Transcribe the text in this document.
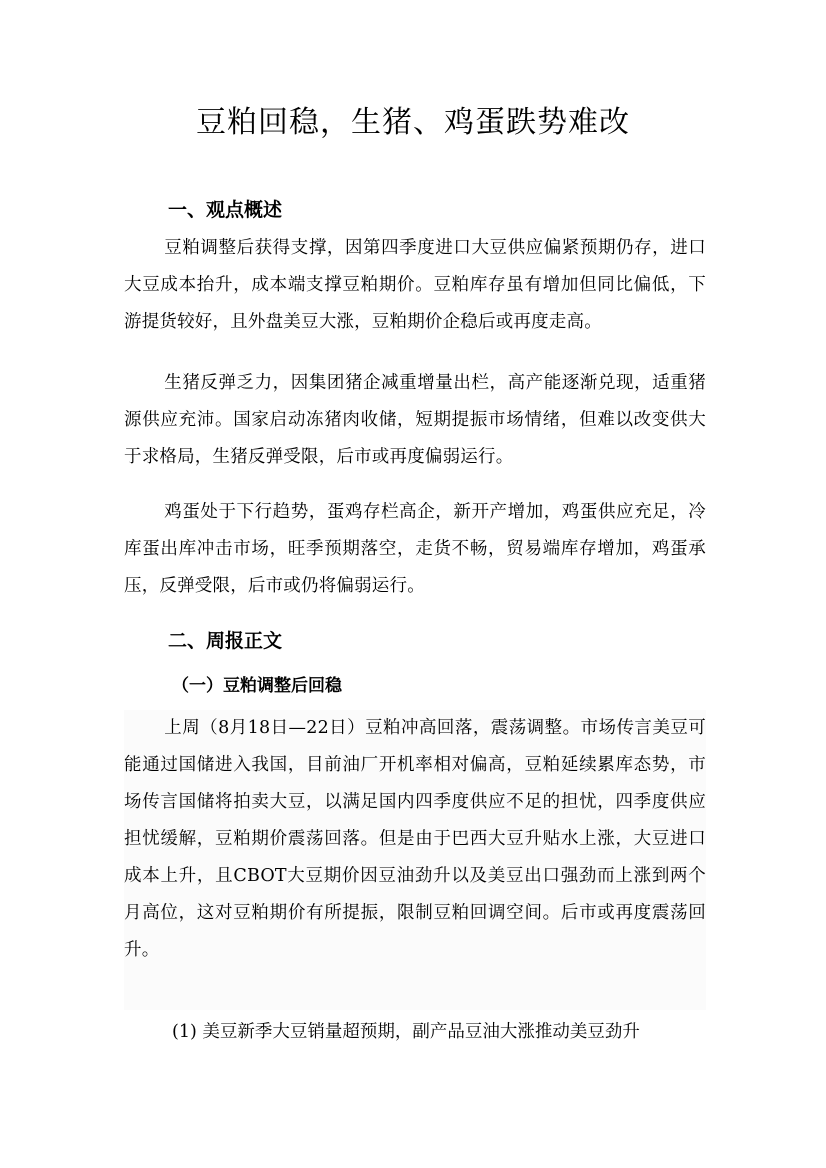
豆粕回稳，生猪、鸡蛋跌势难改
一、观点概述

豆粕调整后获得支撑，因第四季度进口大豆供应偏紧预期仍存，进口大豆成本抬升，成本端支撑豆粕期价。豆粕库存虽有增加但同比偏低，下游提货较好，且外盘美豆大涨，豆粕期价企稳后或再度走高。

生猪反弹乏力，因集团猪企减重增量出栏，高产能逐渐兑现，适重猪源供应充沛。国家启动冻猪肉收储，短期提振市场情绪，但难以改变供大于求格局，生猪反弹受限，后市或再度偏弱运行。

鸡蛋处于下行趋势，蛋鸡存栏高企，新开产增加，鸡蛋供应充足，冷库蛋出库冲击市场，旺季预期落空，走货不畅，贸易端库存增加，鸡蛋承压，反弹受限，后市或仍将偏弱运行。

二、周报正文
（一）豆粕调整后回稳

上周（8月18日—22日）豆粕冲高回落，震荡调整。市场传言美豆可能通过国储进入我国，目前油厂开机率相对偏高，豆粕延续累库态势，市场传言国储将拍卖大豆，以满足国内四季度供应不足的担忧，四季度供应担忧缓解，豆粕期价震荡回落。但是由于巴西大豆升贴水上涨，大豆进口成本上升，且CBOT大豆期价因豆油劲升以及美豆出口强劲而上涨到两个月高位，这对豆粕期价有所提振，限制豆粕回调空间。后市或再度震荡回升。

(1) 美豆新季大豆销量超预期，副产品豆油大涨推动美豆劲升
